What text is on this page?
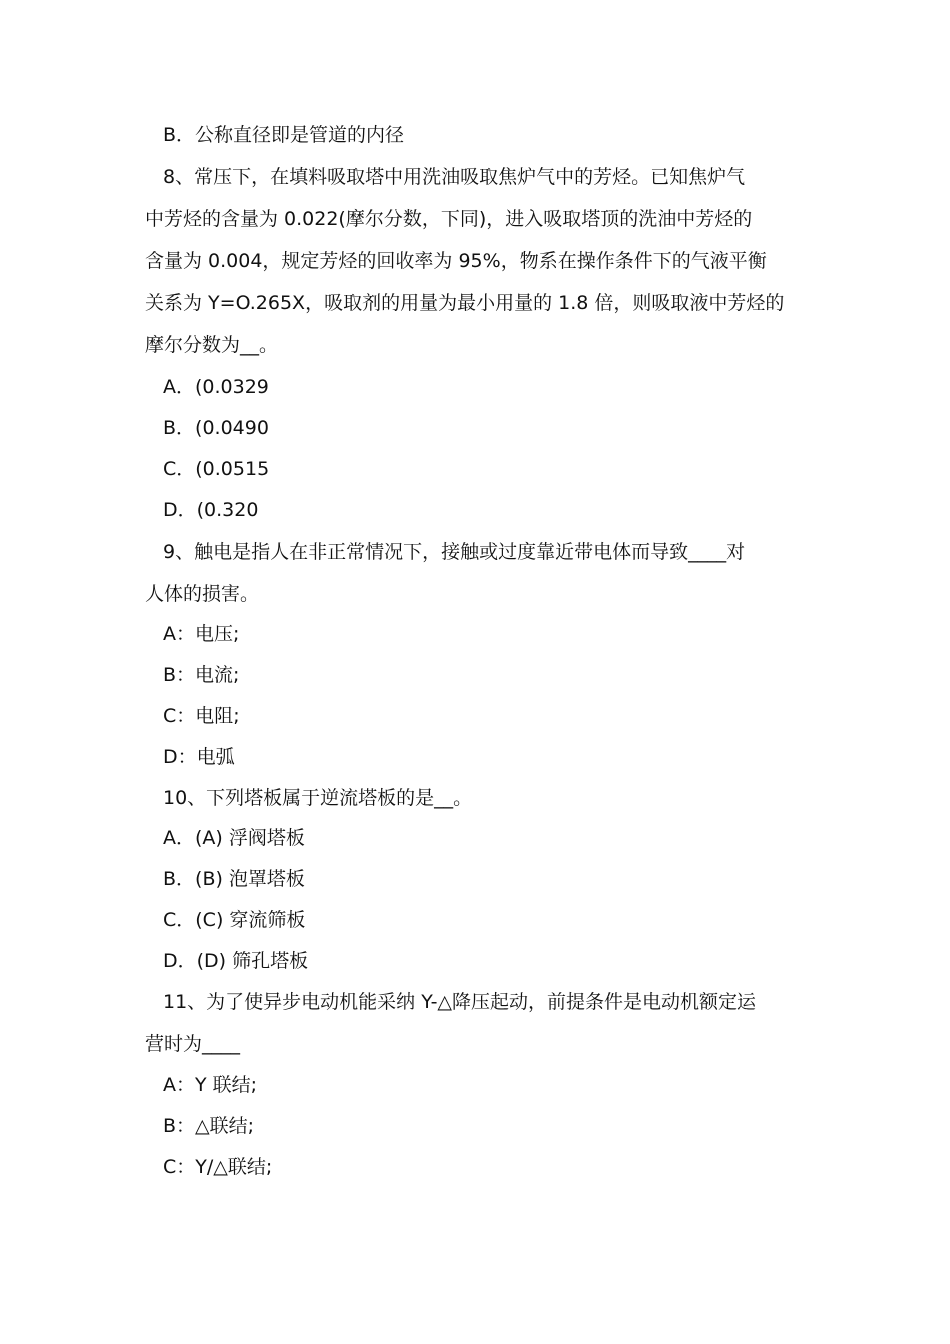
B．公称直径即是管道的内径
8、常压下，在填料吸取塔中用洗油吸取焦炉气中的芳烃。已知焦炉气
中芳烃的含量为 0.022(摩尔分数，下同)，进入吸取塔顶的洗油中芳烃的
含量为 0.004，规定芳烃的回收率为 95%，物系在操作条件下的气液平衡
关系为 Y=O.265X，吸取剂的用量为最小用量的 1.8 倍，则吸取液中芳烃的
摩尔分数为__。
A．(0.0329
B．(0.0490
C．(0.0515
D．(0.320
9、触电是指人在非正常情况下，接触或过度靠近带电体而导致____对
人体的损害。
A：电压;
B：电流;
C：电阻;
D：电弧
10、下列塔板属于逆流塔板的是__。
A．(A) 浮阀塔板
B．(B) 泡罩塔板
C．(C) 穿流筛板
D．(D) 筛孔塔板
11、为了使异步电动机能采纳 Y-△降压起动，前提条件是电动机额定运
营时为____
A：Y 联结;
B：△联结;
C：Y/△联结;
